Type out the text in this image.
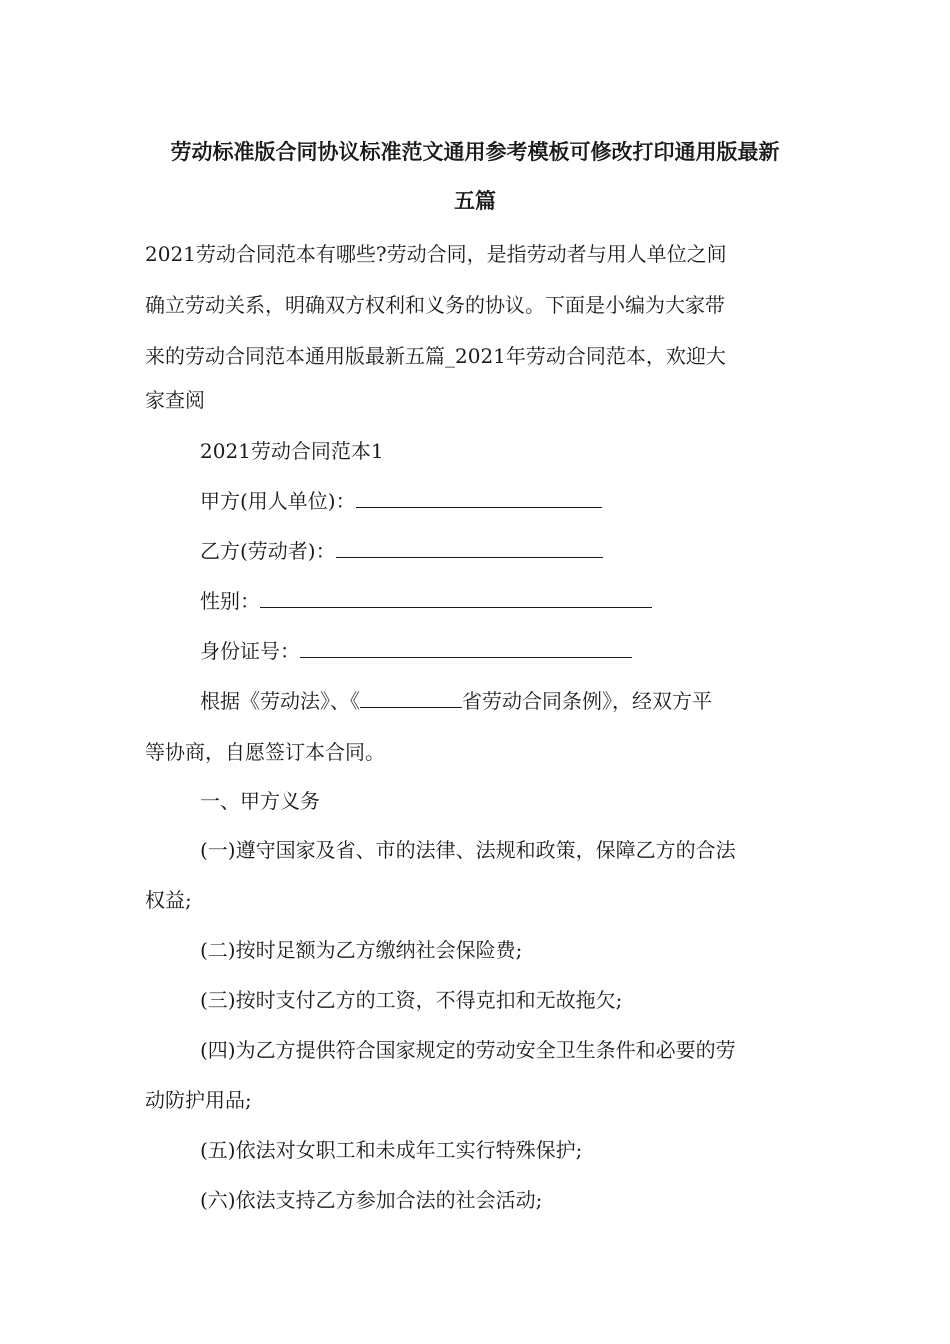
劳动标准版合同协议标准范文通用参考模板可修改打印通用版最新
五篇
2021劳动合同范本有哪些?劳动合同，是指劳动者与用人单位之间
确立劳动关系，明确双方权利和义务的协议。下面是小编为大家带
来的劳动合同范本通用版最新五篇_2021年劳动合同范本，欢迎大
家查阅
2021劳动合同范本1
甲方(用人单位)：
乙方(劳动者)：
性别：
身份证号：
根据《劳动法》、《	省劳动合同条例》，经双方平
等协商，自愿签订本合同。
一、甲方义务
(一)遵守国家及省、市的法律、法规和政策，保障乙方的合法
权益;
(二)按时足额为乙方缴纳社会保险费;
(三)按时支付乙方的工资，不得克扣和无故拖欠;
(四)为乙方提供符合国家规定的劳动安全卫生条件和必要的劳
动防护用品;
(五)依法对女职工和未成年工实行特殊保护;
(六)依法支持乙方参加合法的社会活动;
